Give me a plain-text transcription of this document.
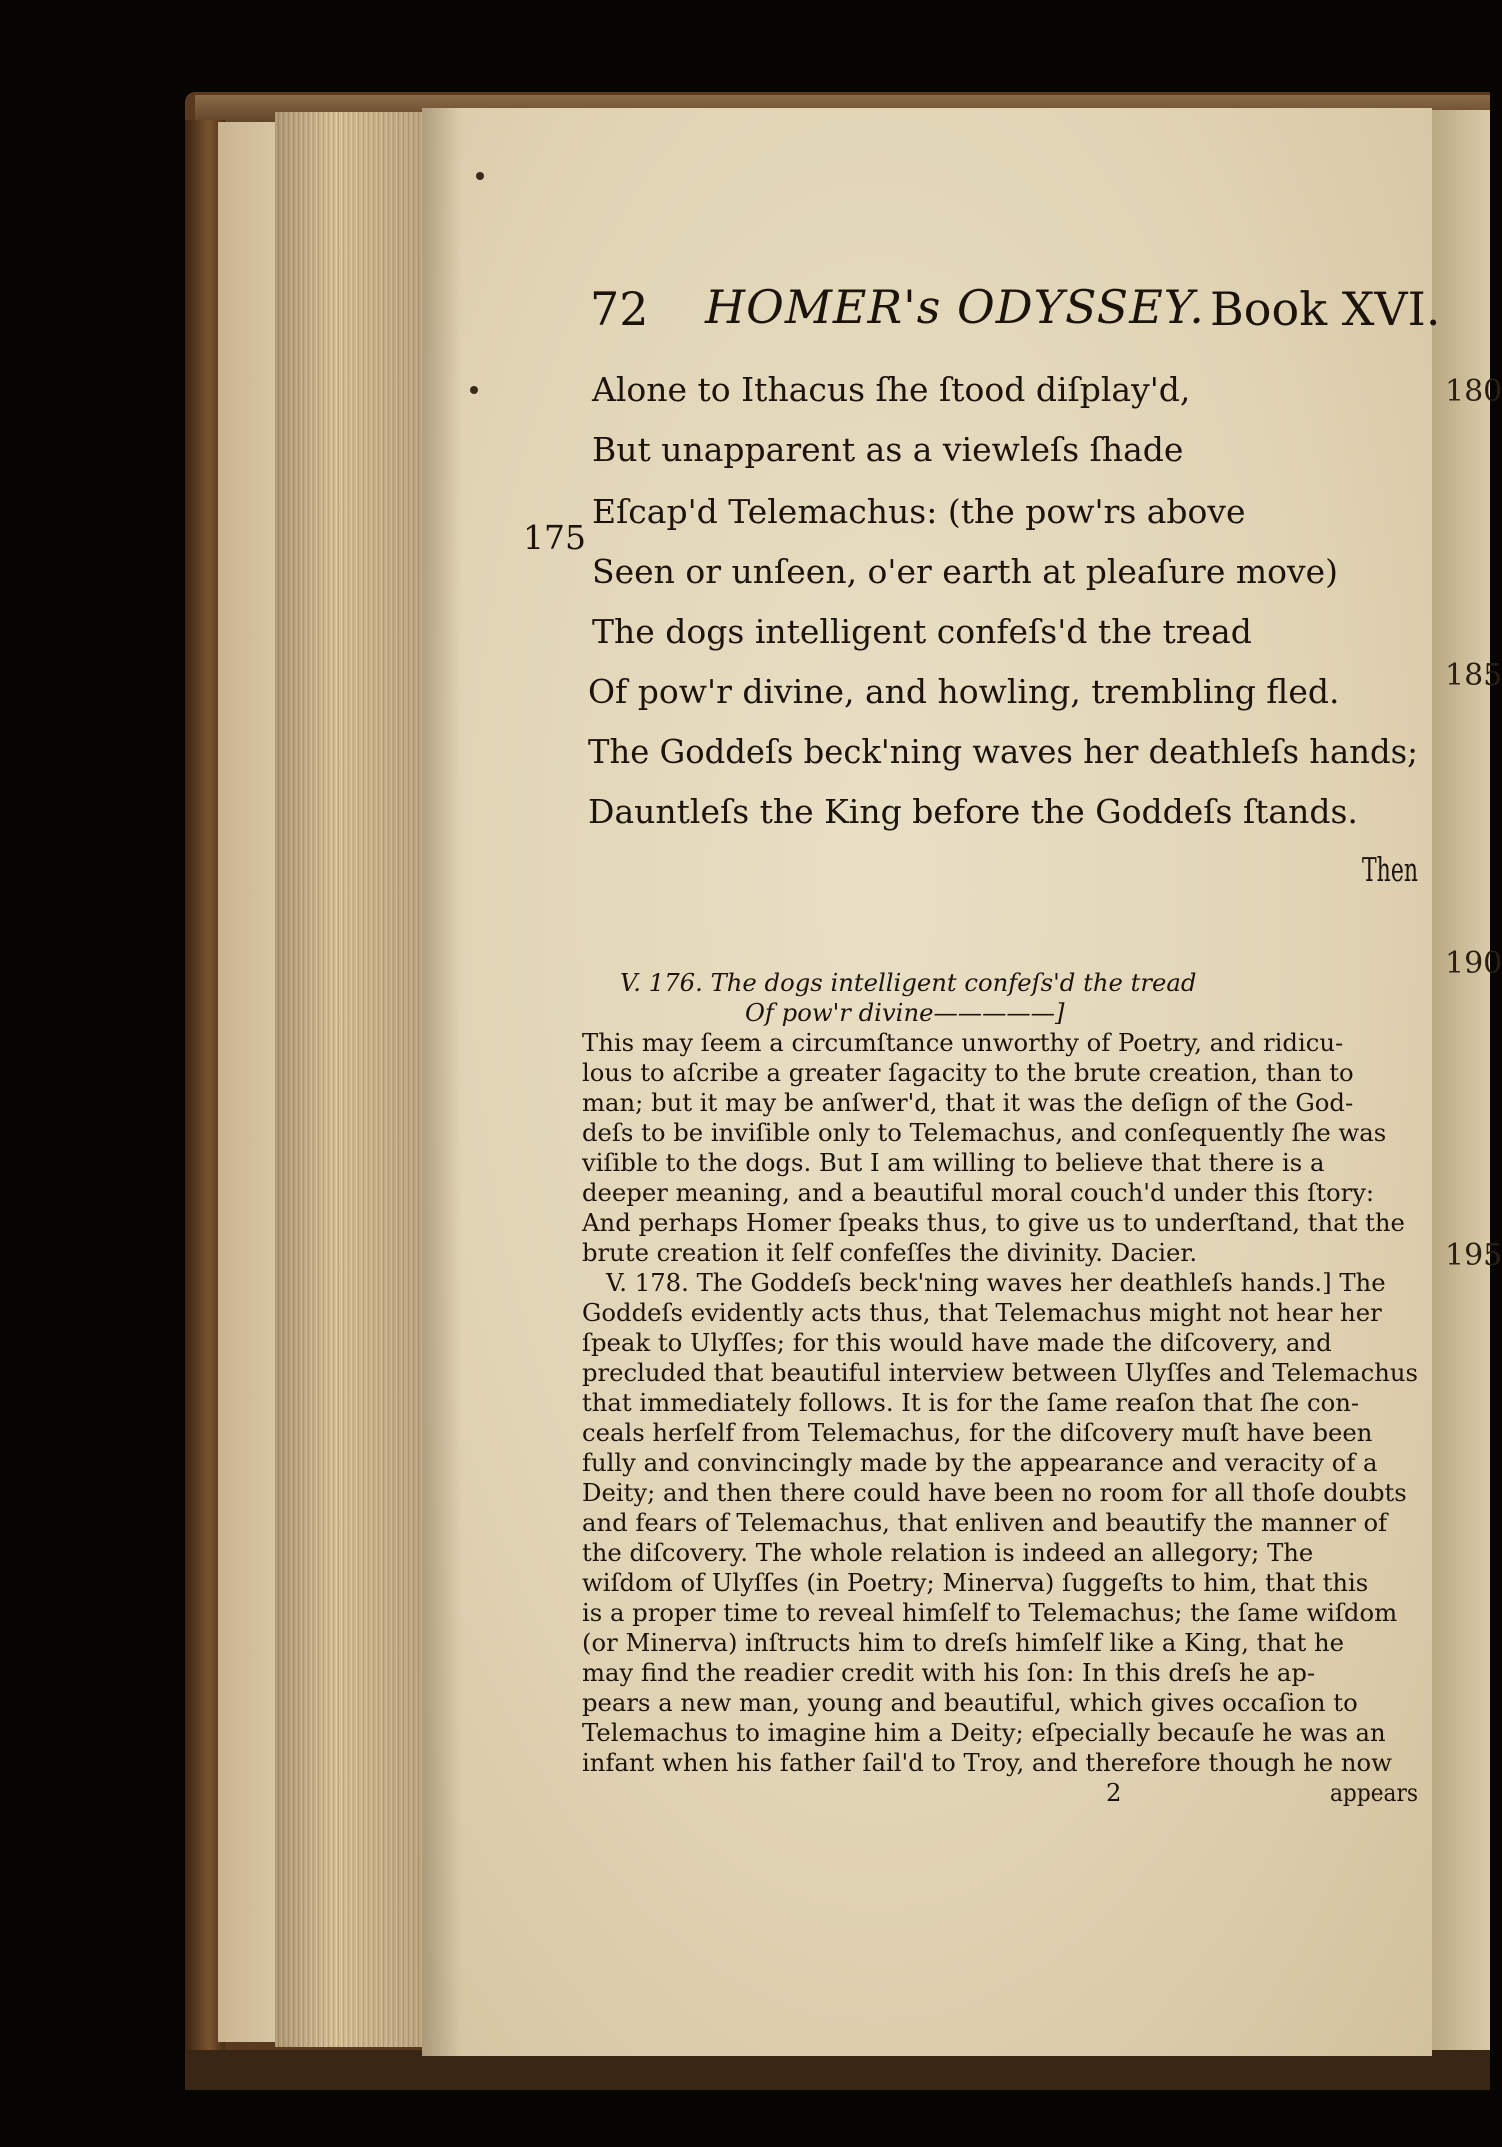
72 HOMER's ODYSSEY. Book XVI.
175
Alone to Ithacus ſhe ſtood diſplay'd,
But unapparent as a viewleſs ſhade
Eſcap'd Telemachus: (the pow'rs above
Seen or unſeen, o'er earth at pleaſure move)
The dogs intelligent confeſs'd the tread
Of pow'r divine, and howling, trembling fled.
The Goddeſs beck'ning waves her deathleſs hands;
Dauntleſs the King before the Goddeſs ſtands.
Then
180
185
190
195
V. 176. The dogs intelligent confeſs'd the tread
Of pow'r divine—————]
This may ſeem a circumſtance unworthy of Poetry, and ridicu-
lous to aſcribe a greater ſagacity to the brute creation, than to
man; but it may be anſwer'd, that it was the deſign of the God-
deſs to be inviſible only to Telemachus, and conſequently ſhe was
viſible to the dogs. But I am willing to believe that there is a
deeper meaning, and a beautiful moral couch'd under this ſtory:
And perhaps Homer ſpeaks thus, to give us to underſtand, that the
brute creation it ſelf confeſſes the divinity. Dacier.
V. 178. The Goddeſs beck'ning waves her deathleſs hands.] The
Goddeſs evidently acts thus, that Telemachus might not hear her
ſpeak to Ulyſſes; for this would have made the diſcovery, and
precluded that beautiful interview between Ulyſſes and Telemachus
that immediately follows. It is for the ſame reaſon that ſhe con-
ceals herſelf from Telemachus, for the diſcovery muſt have been
fully and convincingly made by the appearance and veracity of a
Deity; and then there could have been no room for all thoſe doubts
and fears of Telemachus, that enliven and beautify the manner of
the diſcovery. The whole relation is indeed an allegory; The
wiſdom of Ulyſſes (in Poetry; Minerva) ſuggeſts to him, that this
is a proper time to reveal himſelf to Telemachus; the ſame wiſdom
(or Minerva) inſtructs him to dreſs himſelf like a King, that he
may find the readier credit with his ſon: In this dreſs he ap-
pears a new man, young and beautiful, which gives occaſion to
Telemachus to imagine him a Deity; eſpecially becauſe he was an
infant when his father ſail'd to Troy, and therefore though he now
2	appears
